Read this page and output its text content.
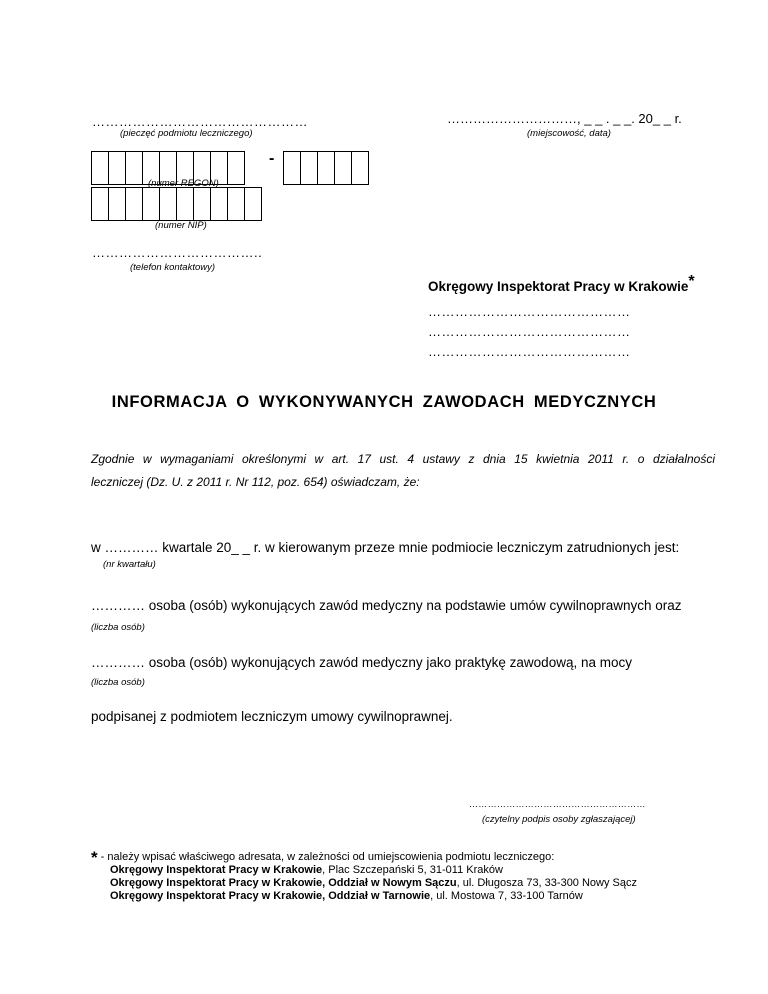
…………………………………………
(pieczęć podmiotu leczniczego)
…………………………, _ _ . _ _. 20_ _ r.
(miejscowość, data)
-
(numer REGON)
(numer NIP)
………………………………..
(telefon kontaktowy)
Okręgowy Inspektorat Pracy w Krakowie*
………………………………………
………………………………………
………………………………………
INFORMACJA O WYKONYWANYCH ZAWODACH MEDYCZNYCH
Zgodnie w wymaganiami określonymi w art. 17 ust. 4 ustawy z dnia 15 kwietnia 2011 r. o działalności
leczniczej (Dz. U. z 2011 r. Nr 112, poz. 654) oświadczam, że:
w ………… kwartale 20_ _ r. w kierowanym przeze mnie podmiocie leczniczym zatrudnionych jest:
(nr kwartału)
………… osoba (osób) wykonujących zawód medyczny na podstawie umów cywilnoprawnych oraz
(liczba osób)
………… osoba (osób) wykonujących zawód medyczny jako praktykę zawodową, na mocy
(liczba osób)
podpisanej z podmiotem leczniczym umowy cywilnoprawnej.
…………………………………………………
(czytelny podpis osoby zgłaszającej)
* - należy wpisać właściwego adresata, w zależności od umiejscowienia podmiotu leczniczego:
Okręgowy Inspektorat Pracy w Krakowie, Plac Szczepański 5, 31-011 Kraków
Okręgowy Inspektorat Pracy w Krakowie, Oddział w Nowym Sączu, ul. Długosza 73, 33-300 Nowy Sącz
Okręgowy Inspektorat Pracy w Krakowie, Oddział w Tarnowie, ul. Mostowa 7, 33-100 Tarnów
